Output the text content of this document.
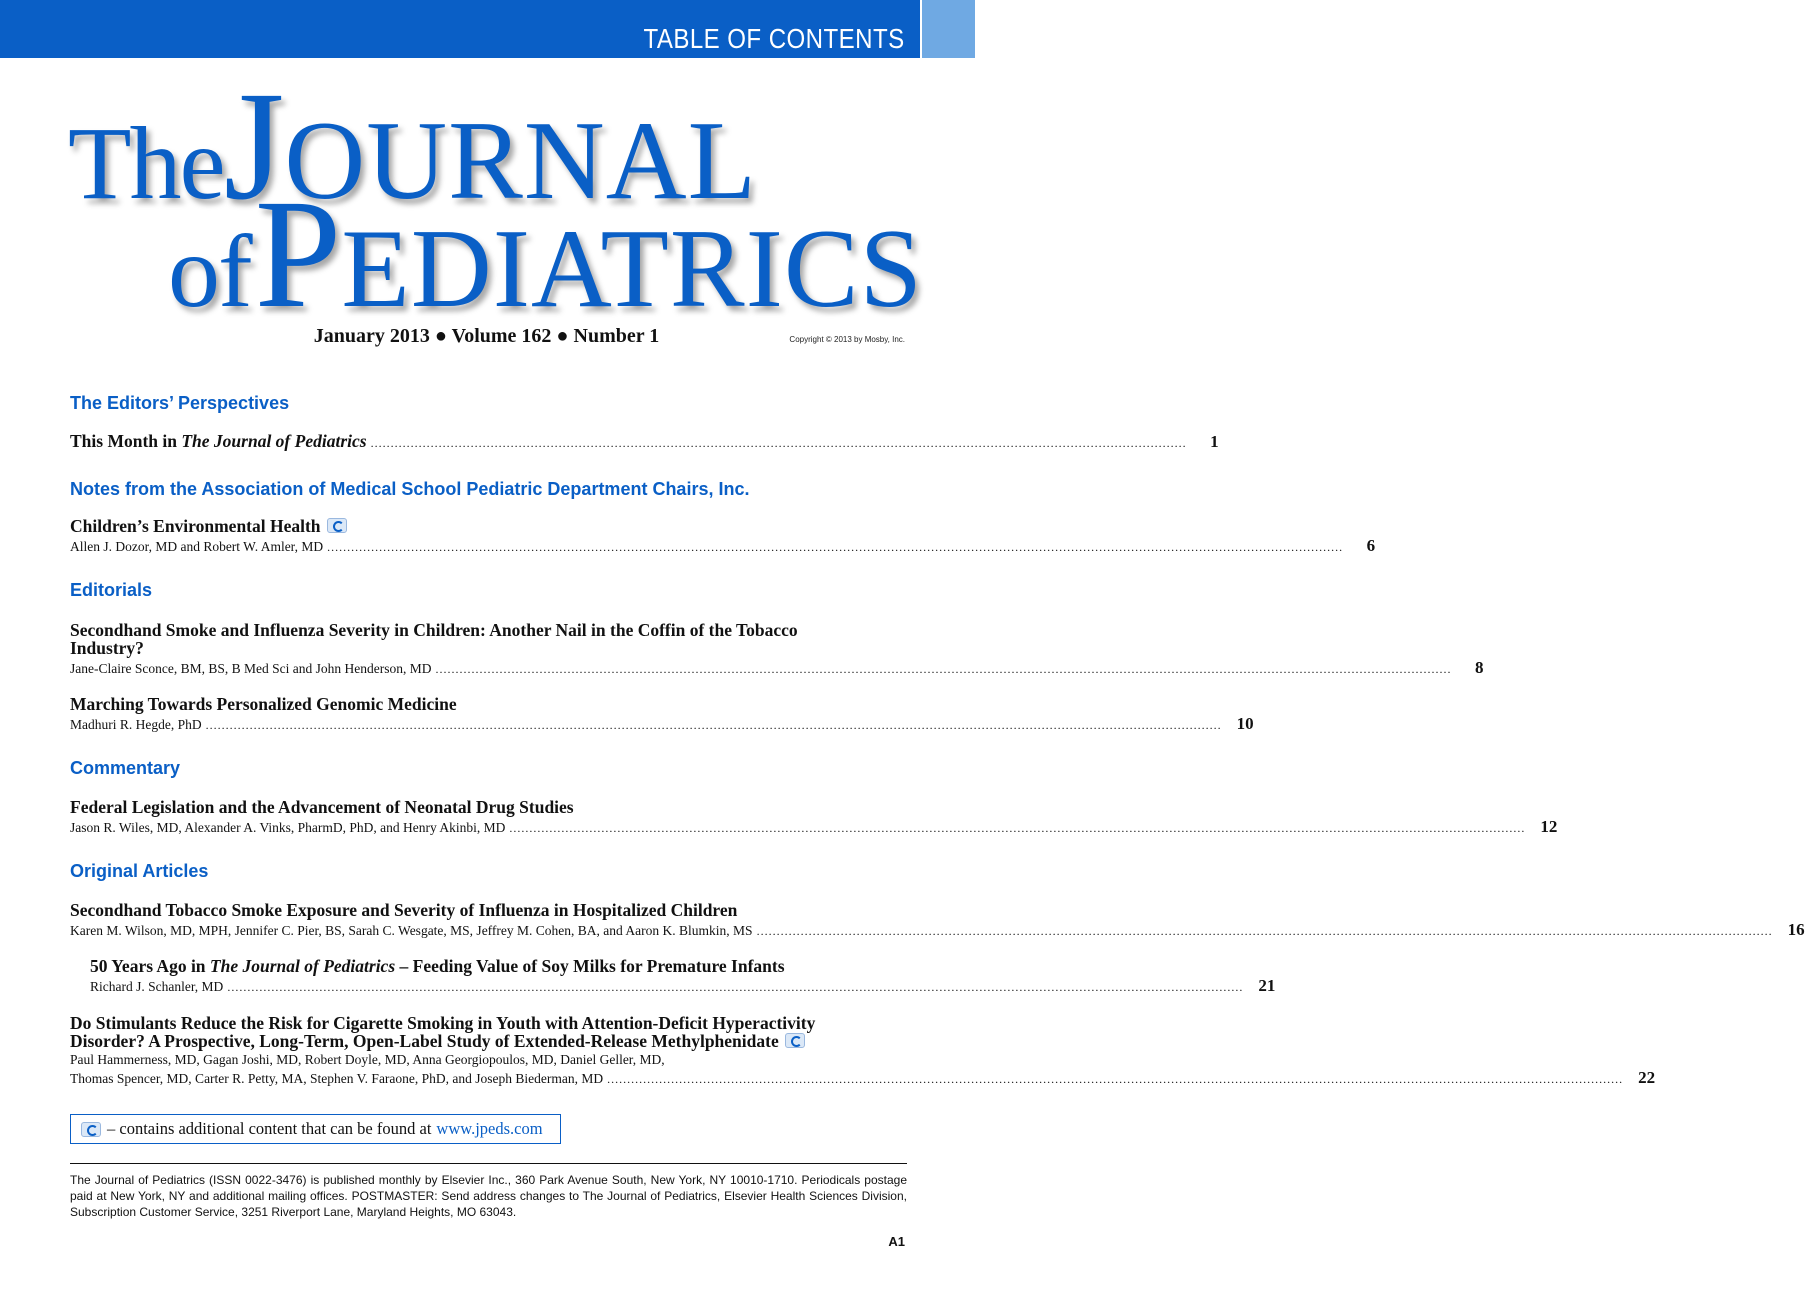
TABLE OF CONTENTS
TheJOURNAL
of PEDIATRICS
January 2013 ● Volume 162 ● Number 1	Copyright © 2013 by Mosby, Inc.
The Editors’ Perspectives
This Month in The Journal of Pediatrics ............................................................................................................................................................................................................	1
Notes from the Association of Medical School Pediatric Department Chairs, Inc.
Children’s Environmental Health
Allen J. Dozor, MD and Robert W. Amler, MD ..............................................................................................................................................................................................................................................................	6
Editorials
Secondhand Smoke and Influenza Severity in Children: Another Nail in the Coffin of the Tobacco Industry?
Jane-Claire Sconce, BM, BS, B Med Sci and John Henderson, MD ..............................................................................................................................................................................................................................................................	8
Marching Towards Personalized Genomic Medicine
Madhuri R. Hegde, PhD .............................................................................................................................................................................................................................................................. 10
Commentary
Federal Legislation and the Advancement of Neonatal Drug Studies
Jason R. Wiles, MD, Alexander A. Vinks, PharmD, PhD, and Henry Akinbi, MD .............................................................................................................................................................................................................................................................. 12
Original Articles
Secondhand Tobacco Smoke Exposure and Severity of Influenza in Hospitalized Children
Karen M. Wilson, MD, MPH, Jennifer C. Pier, BS, Sarah C. Wesgate, MS, Jeffrey M. Cohen, BA, and Aaron K. Blumkin, MS .............................................................................................................................................................................................................................................................. 16
50 Years Ago in The Journal of Pediatrics – Feeding Value of Soy Milks for Premature Infants
Richard J. Schanler, MD .............................................................................................................................................................................................................................................................. 21
Do Stimulants Reduce the Risk for Cigarette Smoking in Youth with Attention-Deficit Hyperactivity
Disorder? A Prospective, Long-Term, Open-Label Study of Extended-Release Methylphenidate
Paul Hammerness, MD, Gagan Joshi, MD, Robert Doyle, MD, Anna Georgiopoulos, MD, Daniel Geller, MD,
Thomas Spencer, MD, Carter R. Petty, MA, Stephen V. Faraone, PhD, and Joseph Biederman, MD .............................................................................................................................................................................................................................................................. 22
– contains additional content that can be found at www.jpeds.com
The Journal of Pediatrics (ISSN 0022-3476) is published monthly by Elsevier Inc., 360 Park Avenue South, New York, NY 10010-1710. Periodicals postage paid at New York, NY and additional mailing offices. POSTMASTER: Send address changes to The Journal of Pediatrics, Elsevier Health Sciences Division, Subscription Customer Service, 3251 Riverport Lane, Maryland Heights, MO 63043.
A1
